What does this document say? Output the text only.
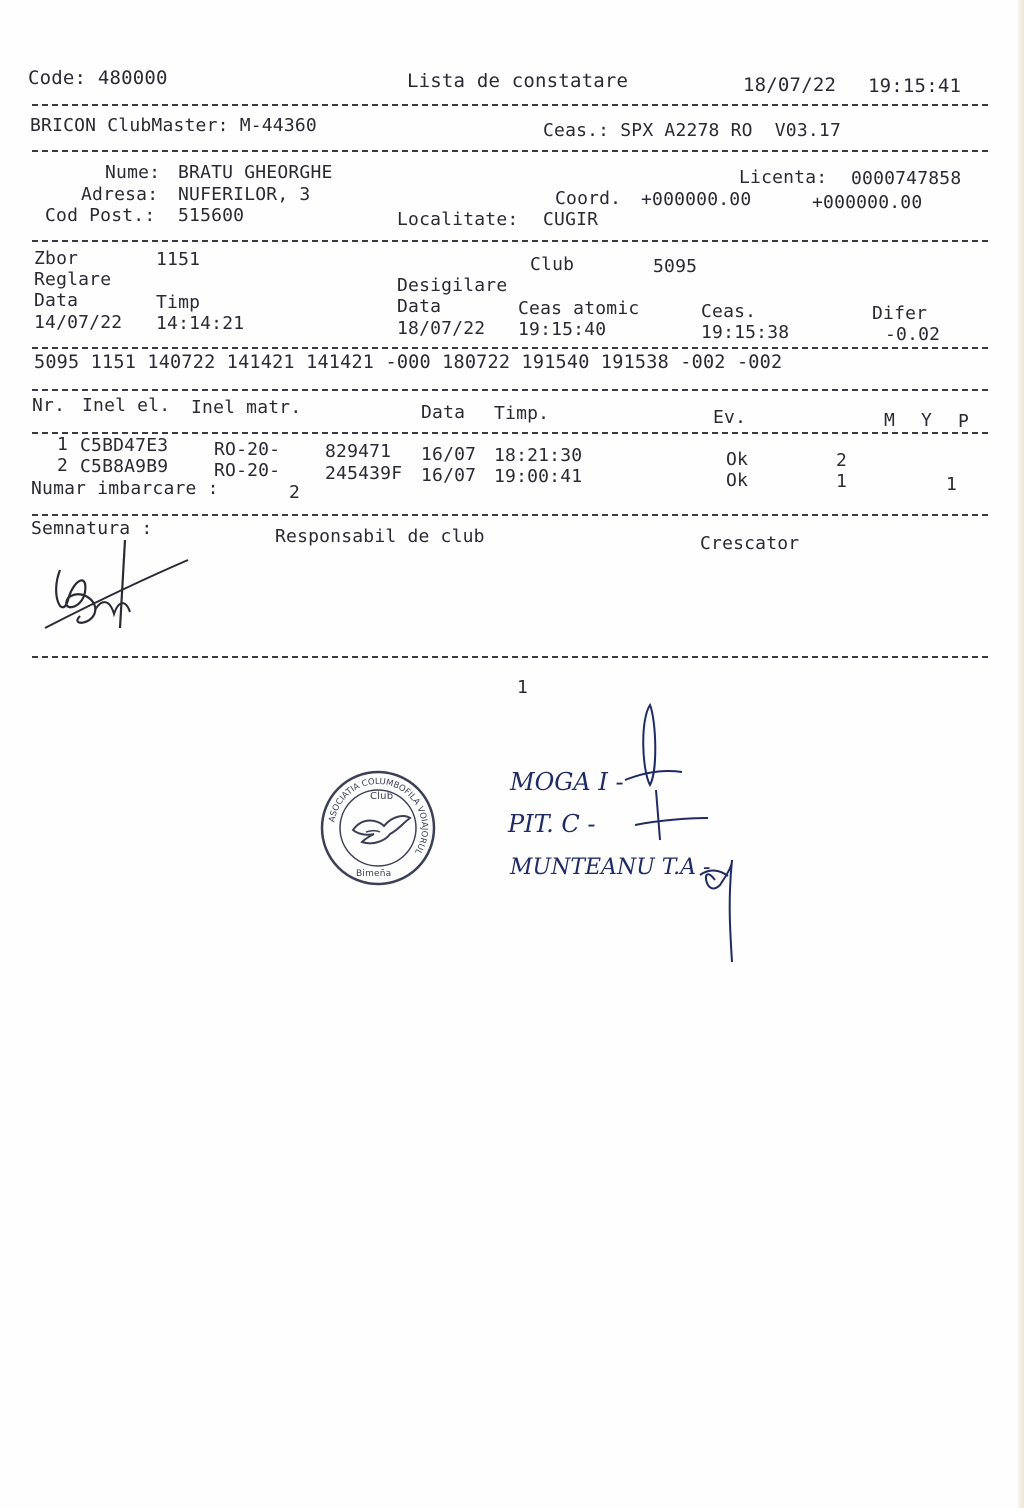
Code: 480000	Lista de constatare	18/07/22 19:15:41
BRICON ClubMaster: M-44360	Ceas.: SPX A2278 RO  V03.17
Nume: BRATU GHEORGHE
Adresa: NUFERILOR, 3
Cod Post.: 515600
Licenta: 0000747858
Coord. +000000.00	+000000.00
Localitate: CUGIR
Zbor	1151	Club	5095
Reglare
Data	Timp
14/07/22 14:14:21
Desigilare
Data	Ceas atomic	Ceas.	Difer
18/07/22 19:15:40	19:15:38	-0.02
5095 1151 140722 141421 141421 -000 180722 191540 191538 -002 -002
Nr. Inel el. Inel matr.	Data Timp.	Ev.	M Y P
1 C5BD47E3	RO-20- 829471 16/07 18:21:30	Ok	2
2 C5B8A9B9	RO-20- 245439F 16/07 19:00:41	Ok	1	1
Numar imbarcare :	2
Semnatura :	Responsabil de club	Crescator
1
ASOCIATIA COLUMBOFILA VOIAJORUL
Club
Bimeña
MOGA I -
PIT. C -
MUNTEANU T.A -
